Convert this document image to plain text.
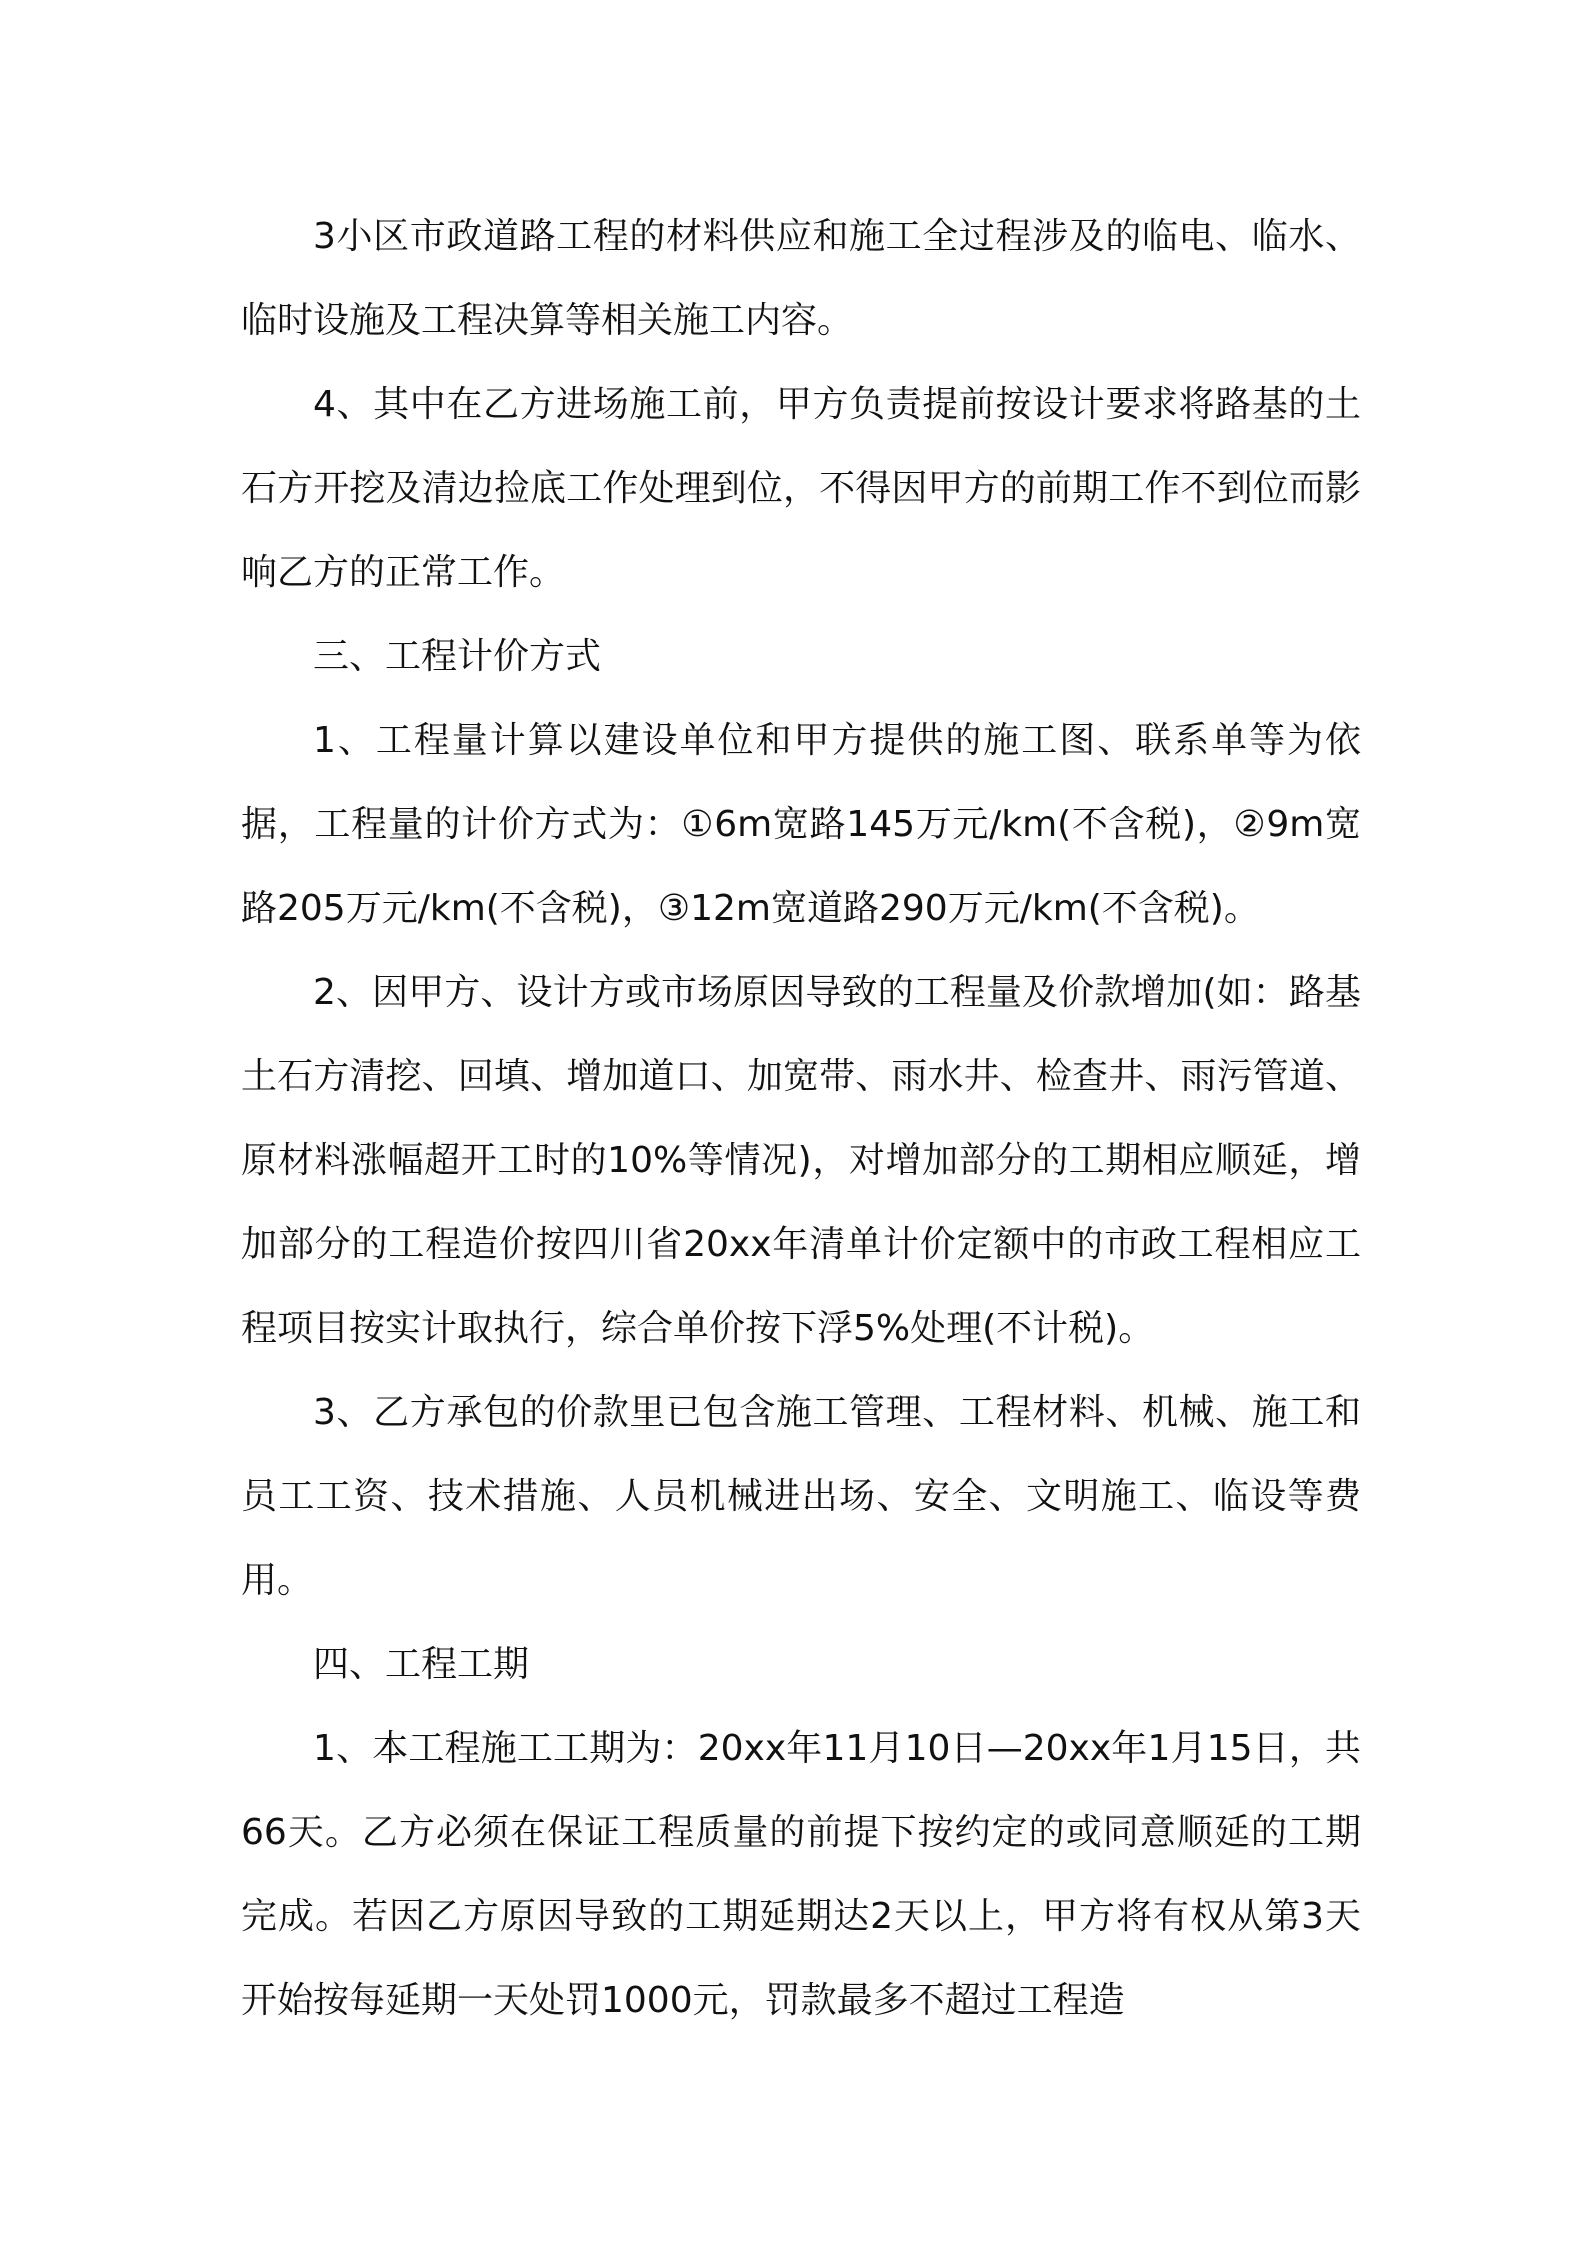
3小区市政道路工程的材料供应和施工全过程涉及的临电、临水、临时设施及工程决算等相关施工内容。

4、其中在乙方进场施工前，甲方负责提前按设计要求将路基的土石方开挖及清边捡底工作处理到位，不得因甲方的前期工作不到位而影响乙方的正常工作。

三、工程计价方式

1、工程量计算以建设单位和甲方提供的施工图、联系单等为依据，工程量的计价方式为：①6m宽路145万元/km(不含税)，②9m宽路205万元/km(不含税)，③12m宽道路290万元/km(不含税)。

2、因甲方、设计方或市场原因导致的工程量及价款增加(如：路基土石方清挖、回填、增加道口、加宽带、雨水井、检查井、雨污管道、原材料涨幅超开工时的10%等情况)，对增加部分的工期相应顺延，增加部分的工程造价按四川省20xx年清单计价定额中的市政工程相应工程项目按实计取执行，综合单价按下浮5%处理(不计税)。

3、乙方承包的价款里已包含施工管理、工程材料、机械、施工和员工工资、技术措施、人员机械进出场、安全、文明施工、临设等费用。

四、工程工期

1、本工程施工工期为：20xx年11月10日—20xx年1月15日，共66天。乙方必须在保证工程质量的前提下按约定的或同意顺延的工期完成。若因乙方原因导致的工期延期达2天以上，甲方将有权从第3天开始按每延期一天处罚1000元，罚款最多不超过工程造
